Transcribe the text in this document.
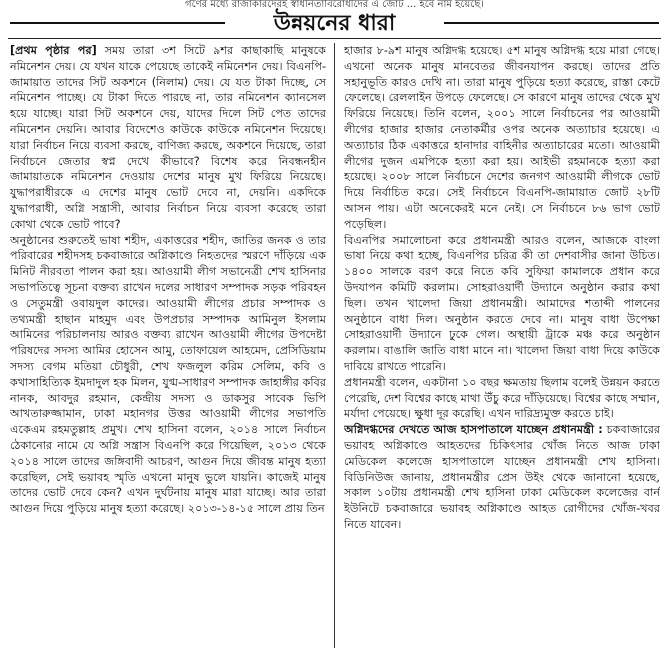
গণের মধ্যে রাজাকারদেরই স্বাধীনতাবিরোধীদের এ জোট ... হবে নাম হয়েছে।
উন্নয়নের ধারা

[প্রথম পৃষ্ঠার পর] সময় তারা ৩শ সিটে ৯শর কাছাকাছি মানুষকে নমিনেশন দেয়। যে যখন যাকে পেয়েছে তাকেই নমিনেশন দেয়। বিএনপি-জামায়াত তাদের সিট অকশনে (নিলাম) দেয়। যে যত টাকা দিচ্ছে, সে নমিনেশন পাচ্ছে। যে টাকা দিতে পারছে না, তার নমিনেশন ক্যানসেল হয়ে যাচ্ছে। যারা সিট অকশনে দেয়, যাদের দিলে সিট পেত তাদের নমিনেশন দেয়নি। আবার বিদেশেও কাউকে কাউকে নমিনেশন দিয়েছে। যারা নির্বাচন নিয়ে ব্যবসা করছে, বাণিজ্য করছে, অকশনে দিয়েছে, তারা নির্বাচনে জেতার স্বপ্ন দেখে কীভাবে? বিশেষ করে নিবন্ধনহীন জামায়াতকে নমিনেশন দেওয়ায় দেশের মানুষ মুখ ফিরিয়ে নিয়েছে। যুদ্ধাপরাধীরকে এ দেশের মানুষ ভোট দেবে না, দেয়নি। একদিকে যুদ্ধাপরাধী, অগ্নি সন্ত্রাসী, আবার নির্বাচন নিয়ে ব্যবসা করেছে তারা কোথা থেকে ভোট পাবে?

অনুষ্ঠানের শুরুতেই ভাষা শহীদ, একাত্তরের শহীদ, জাতির জনক ও তার পরিবারের শহীদসহ চকবাজারে অগ্নিকাণ্ডে নিহতদের স্মরণে দাঁড়িয়ে এক মিনিট নীরবতা পালন করা হয়। আওয়ামী লীগ সভানেত্রী শেখ হাসিনার সভাপতিত্বে সূচনা বক্তব্য রাখেন দলের সাধারণ সম্পাদক সড়ক পরিবহন ও সেতুমন্ত্রী ওবায়দুল কাদের। আওয়ামী লীগের প্রচার সম্পাদক ও তথ্যমন্ত্রী হাছান মাহমুদ এবং উপপ্রচার সম্পাদক আমিনুল ইসলাম আমিনের পরিচালনায় আরও বক্তব্য রাখেন আওয়ামী লীগের উপদেষ্টা পরিষদের সদস্য আমির হোসেন আমু, তোফায়েল আহমেদ, প্রেসিডিয়াম সদস্য বেগম মতিয়া চৌধুরী, শেখ ফজলুল করিম সেলিম, কবি ও কথাসাহিত্যিক ইমদাদুল হক মিলন, যুগ্ম-সাধারণ সম্পাদক জাহাঙ্গীর কবির নানক, আবদুর রহমান, কেন্দ্রীয় সদস্য ও ডাকসুর সাবেক ভিপি আখতারুজ্জামান, ঢাকা মহানগর উত্তর আওয়ামী লীগের সভাপতি একেএম রহমতুল্লাহ প্রমুখ। শেখ হাসিনা বলেন, ২০১৪ সালে নির্বাচন ঠেকানোর নামে যে অগ্নি সন্ত্রাস বিএনপি করে গিয়েছিল, ২০১৩ থেকে ২০১৪ সালে তাদের জঙ্গিবাদী আচরণ, আগুন দিয়ে জীবন্ত মানুষ হত্যা করেছিল, সেই ভয়াবহ স্মৃতি এখনো মানুষ ভুলে যায়নি। কাজেই মানুষ তাদের ভোট দেবে কেন? এখন দুর্ঘটনায় মানুষ মারা যাচ্ছে। আর তারা আগুন দিয়ে পুড়িয়ে মানুষ হত্যা করেছে। ২০১৩-১৪-১৫ সালে প্রায় তিন

হাজার ৮-৯শ মানুষ অগ্নিদগ্ধ হয়েছে। ৫শ মানুষ অগ্নিদগ্ধ হয়ে মারা গেছে। এখনো অনেক মানুষ মানবেতর জীবনযাপন করছে। তাদের প্রতি সহানুভূতি কারও দেখি না। তারা মানুষ পুড়িয়ে হত্যা করেছে, রাস্তা কেটে ফেলেছে। রেললাইন উপড়ে ফেলেছে। সে কারণে মানুষ তাদের থেকে মুখ ফিরিয়ে নিয়েছে। তিনি বলেন, ২০০১ সালে নির্বাচনের পর আওয়ামী লীগের হাজার হাজার নেতাকর্মীর ওপর অনেক অত্যাচার হয়েছে। এ অত্যাচার ঠিক একাত্তরে হানাদার বাহিনীর অত্যাচারের মতো। আওয়ামী লীগের দুজন এমপিকে হত্যা করা হয়। আইভী রহমানকে হত্যা করা হয়েছে। ২০০৮ সালে নির্বাচনে দেশের জনগণ আওয়ামী লীগকে ভোট দিয়ে নির্বাচিত করে। সেই নির্বাচনে বিএনপি-জামায়াত জোট ২৮টি আসন পায়। এটা অনেকেরই মনে নেই। সে নির্বাচনে ৮৬ ভাগ ভোট পড়েছিল।

বিএনপির সমালোচনা করে প্রধানমন্ত্রী আরও বলেন, আজকে বাংলা ভাষা নিয়ে কথা হচ্ছে, বিএনপির চরিত্র কী তা দেশবাসীর জানা উচিত। ১৪০০ সালকে বরণ করে নিতে কবি সুফিয়া কামালকে প্রধান করে উদযাপন কমিটি করলাম। সোহরাওয়ার্দী উদ্যানে অনুষ্ঠান করার কথা ছিল। তখন খালেদা জিয়া প্রধানমন্ত্রী। আমাদের শতাব্দী পালনের অনুষ্ঠানে বাধা দিল। অনুষ্ঠান করতে দেবে না। মানুষ বাধা উপেক্ষা সোহরাওয়ার্দী উদ্যানে ঢুকে গেল। অস্থায়ী ট্রাকে মঞ্চ করে অনুষ্ঠান করলাম। বাঙালি জাতি বাধা মানে না। খালেদা জিয়া বাধা দিয়ে কাউকে দাবিয়ে রাখতে পারেনি।

প্রধানমন্ত্রী বলেন, একটানা ১০ বছর ক্ষমতায় ছিলাম বলেই উন্নয়ন করতে পেরেছি, দেশ বিশ্বের কাছে মাথা উঁচু করে দাঁড়িয়েছে। বিশ্বের কাছে সম্মান, মর্যাদা পেয়েছে। ক্ষুধা দূর করেছি। এখন দারিদ্র্যমুক্ত করতে চাই।

অগ্নিদগ্ধদের দেখতে আজ হাসপাতালে যাচ্ছেন প্রধানমন্ত্রী : চকবাজারের ভয়াবহ অগ্নিকাণ্ডে আহতদের চিকিৎসার খোঁজ নিতে আজ ঢাকা মেডিকেল কলেজে হাসপাতালে যাচ্ছেন প্রধানমন্ত্রী শেখ হাসিনা। বিডিনিউজ জানায়, প্রধানমন্ত্রীর প্রেস উইং থেকে জানানো হয়েছে, সকাল ১০টায় প্রধানমন্ত্রী শেখ হাসিনা ঢাকা মেডিকেল কলেজের বার্ন ইউনিটে চকবাজারে ভয়াবহ অগ্নিকাণ্ডে আহত রোগীদের খোঁজ-খবর নিতে যাবেন।
